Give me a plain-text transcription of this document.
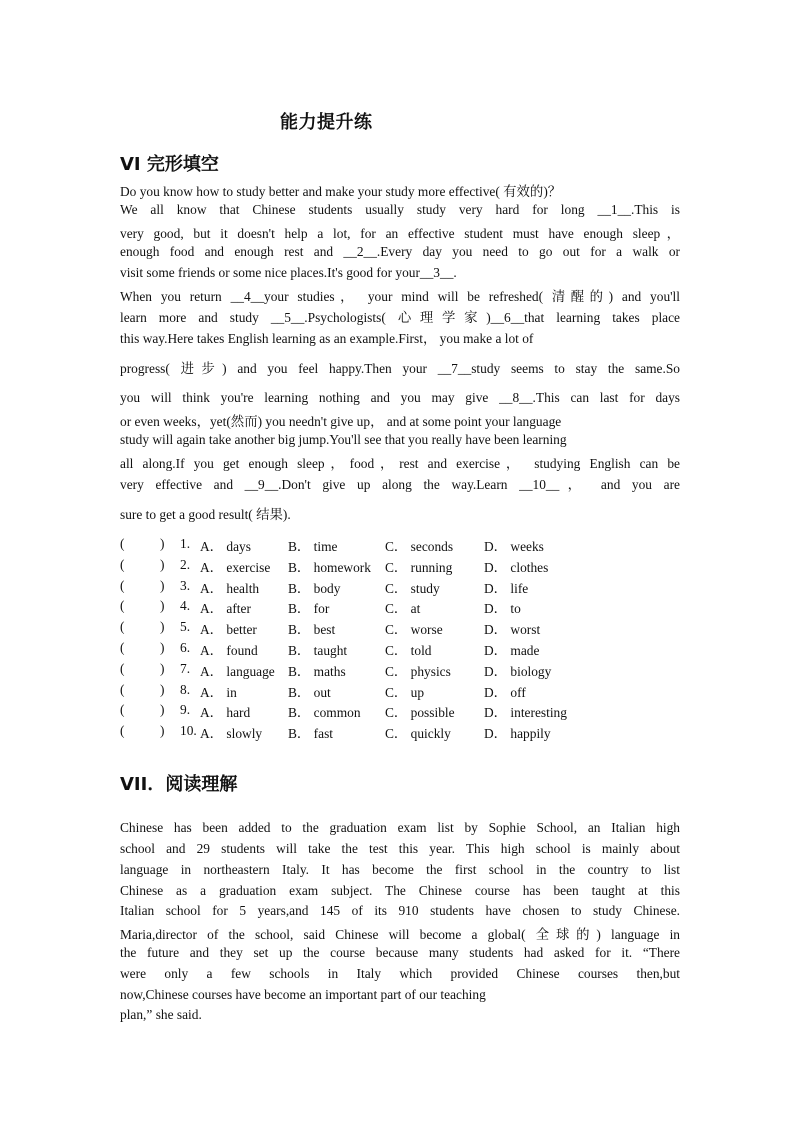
能力提升练
VI 完形填空
Do you know how to study better and make your study more effective( 有效的)？
We all know that Chinese students usually study very hard for long __1__.This is
very good, but it doesn't help a lot, for an effective student must have enough sleep，
enough food and enough rest and __2__.Every day you need to go out for a walk or
visit some friends or some nice places.It's good for your__3__.
When you return __4__your studies， your mind will be refreshed( 清醒的) and you'll
learn more and study __5__.Psychologists( 心理学家)__6__that learning takes place
this way.Here takes English learning as an example.First， you make a lot of
progress( 进步) and you feel happy.Then your __7__study seems to stay the same.So
you will think you're learning nothing and you may give __8__.This can last for days
or even weeks，yet(然而) you needn't give up， and at some point your language
study will again take another big jump.You'll see that you really have been learning
all along.If you get enough sleep，food，rest and exercise， studying English can be
very effective and __9__.Don't give up along the way.Learn __10__， and you are
sure to get a good result( 结果).
(	) 1. A． days	B． time	C． seconds D． weeks
(	) 2. A． exercise B． homework C． running D． clothes
(	) 3. A． health B． body	C． study	D． life
(	) 4. A． after	B． for	C． at	D． to
(	) 5. A． better B． best	C． worse	D． worst
(	) 6. A． found B． taught	C． told	D． made
(	) 7. A． language B． maths	C． physics D． biology
(	) 8. A． in	B． out	C． up	D． off
(	) 9. A． hard	B． common C． possible D． interesting
(	) 10. A． slowly B． fast	C． quickly D． happily
VII．阅读理解
Chinese has been added to the graduation exam list by Sophie School, an Italian high
school and 29 students will take the test this year. This high school is mainly about
language in northeastern Italy. It has become the first school in the country to list
Chinese as a graduation exam subject. The Chinese course has been taught at this
Italian school for 5 years,and 145 of its 910 students have chosen to study Chinese.
Maria,director of the school, said Chinese will become a global( 全球的) language in
the future and they set up the course because many students had asked for it. “There
were only a few schools in Italy which provided Chinese courses then,but
now,Chinese courses have become an important part of our teaching
plan,” she said.
